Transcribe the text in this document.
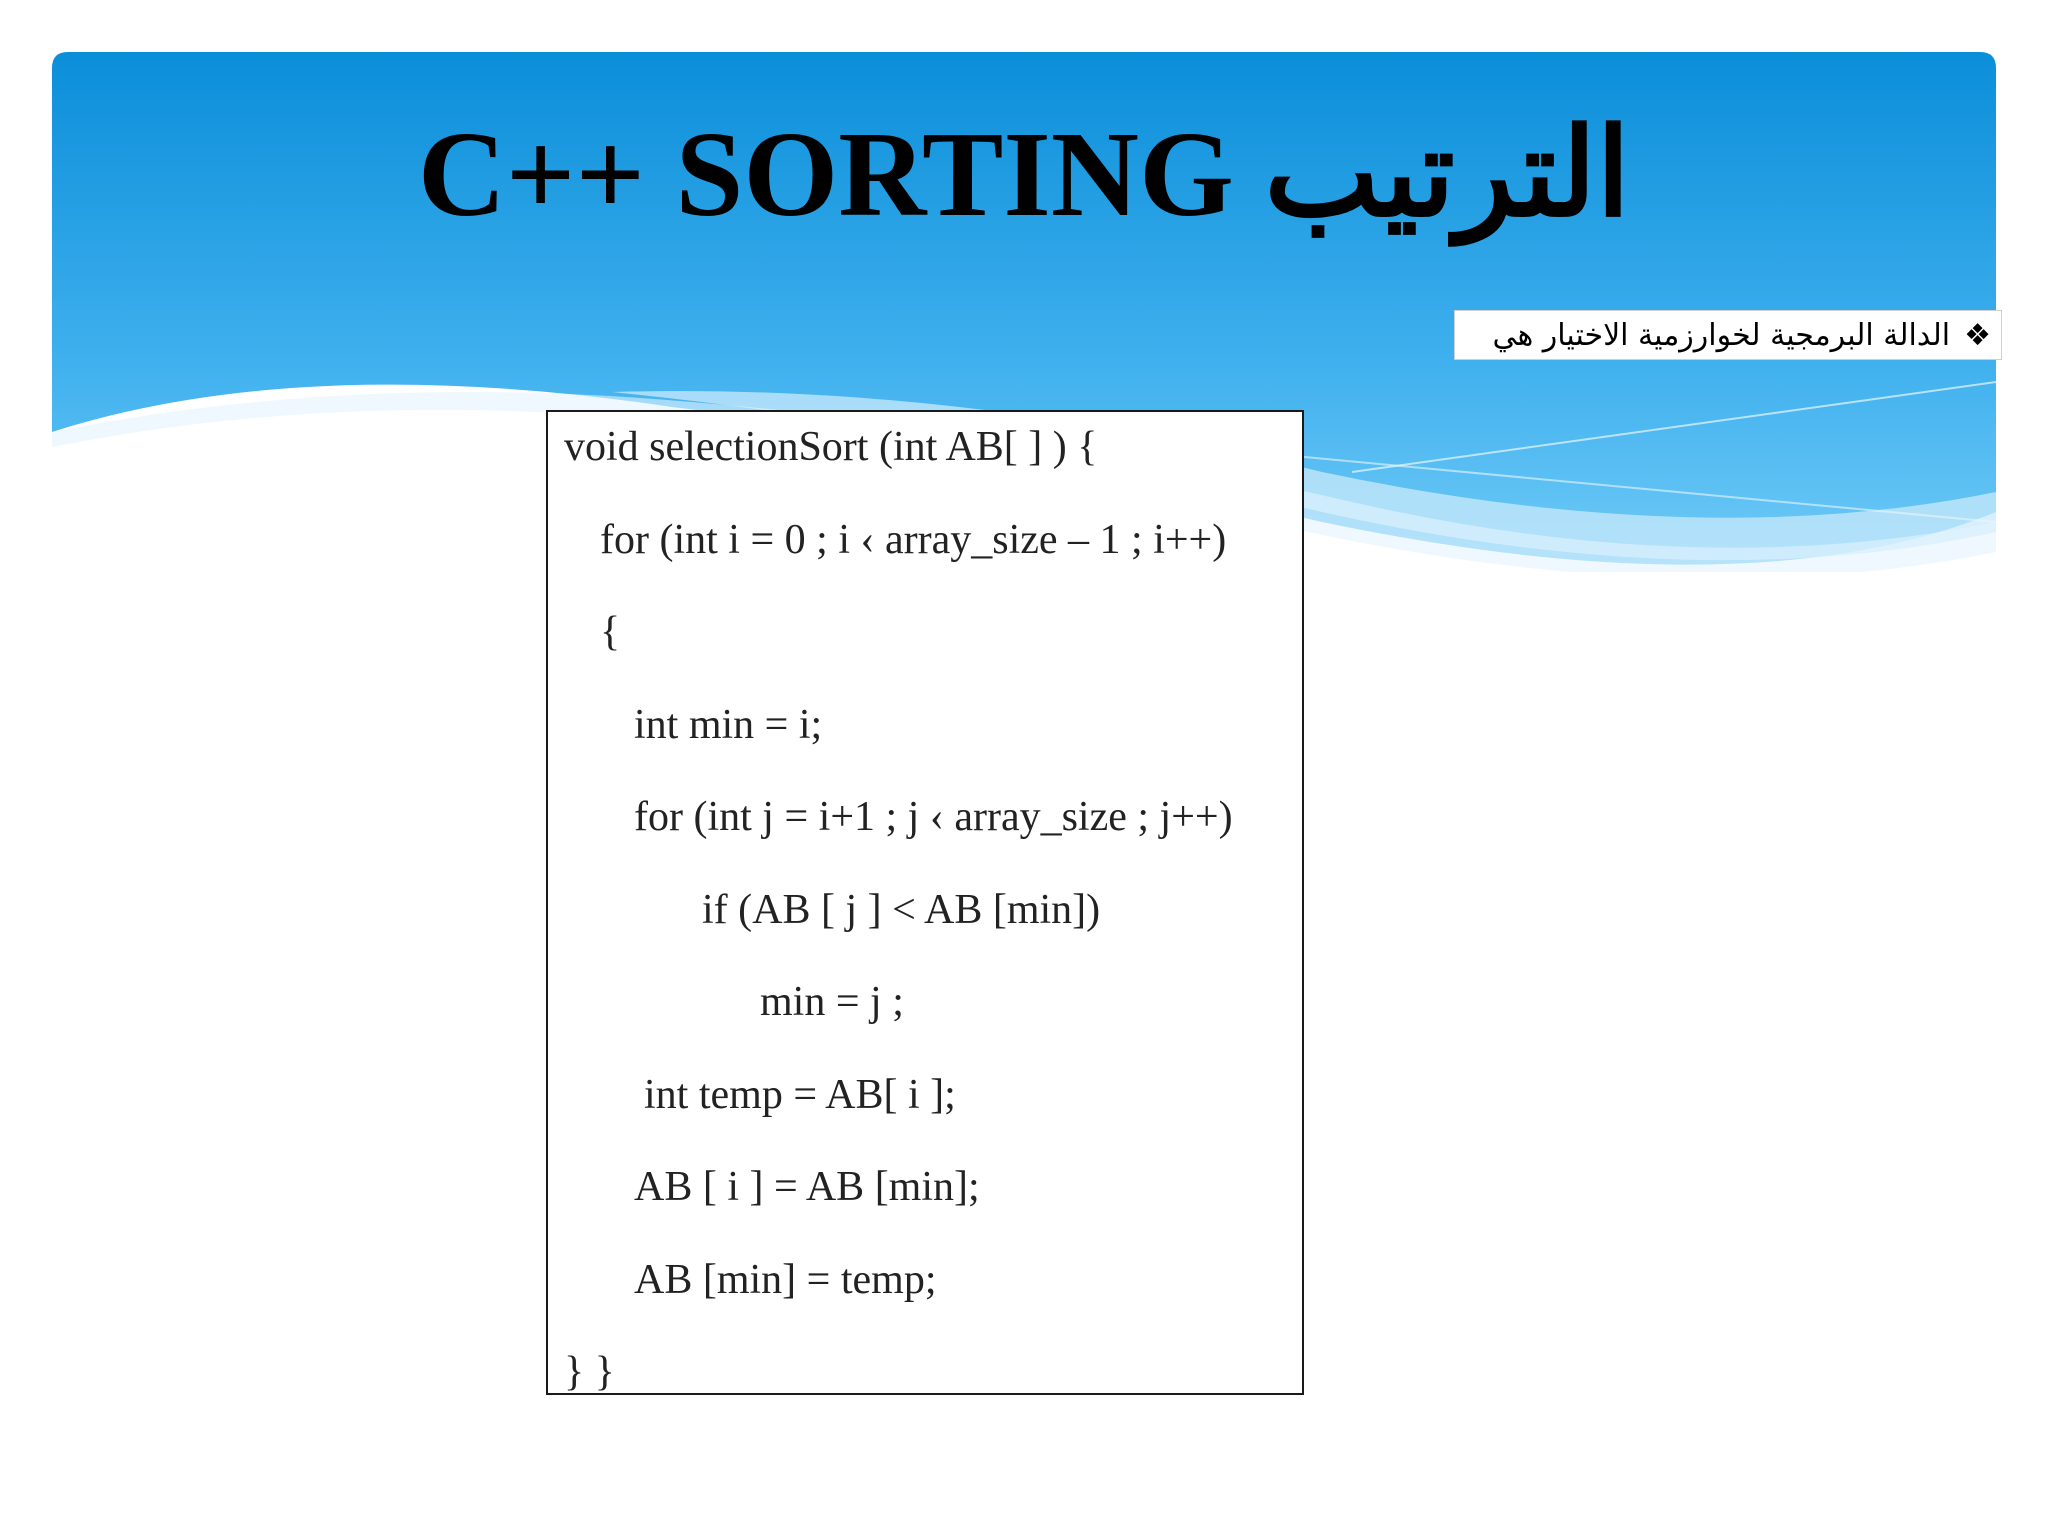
C++ SORTING الترتيب
❖
الدالة البرمجية لخوارزمية الاختيار هي
void selectionSort (int AB[ ] ) {
for (int i = 0 ; i ‹ array_size – 1 ; i++)
{
int min = i;
for (int j = i+1 ; j ‹ array_size ; j++)
if (AB [ j ] < AB [min])
min = j ;
int temp = AB[ i ];
AB [ i ] = AB [min];
AB [min] = temp;
} }
